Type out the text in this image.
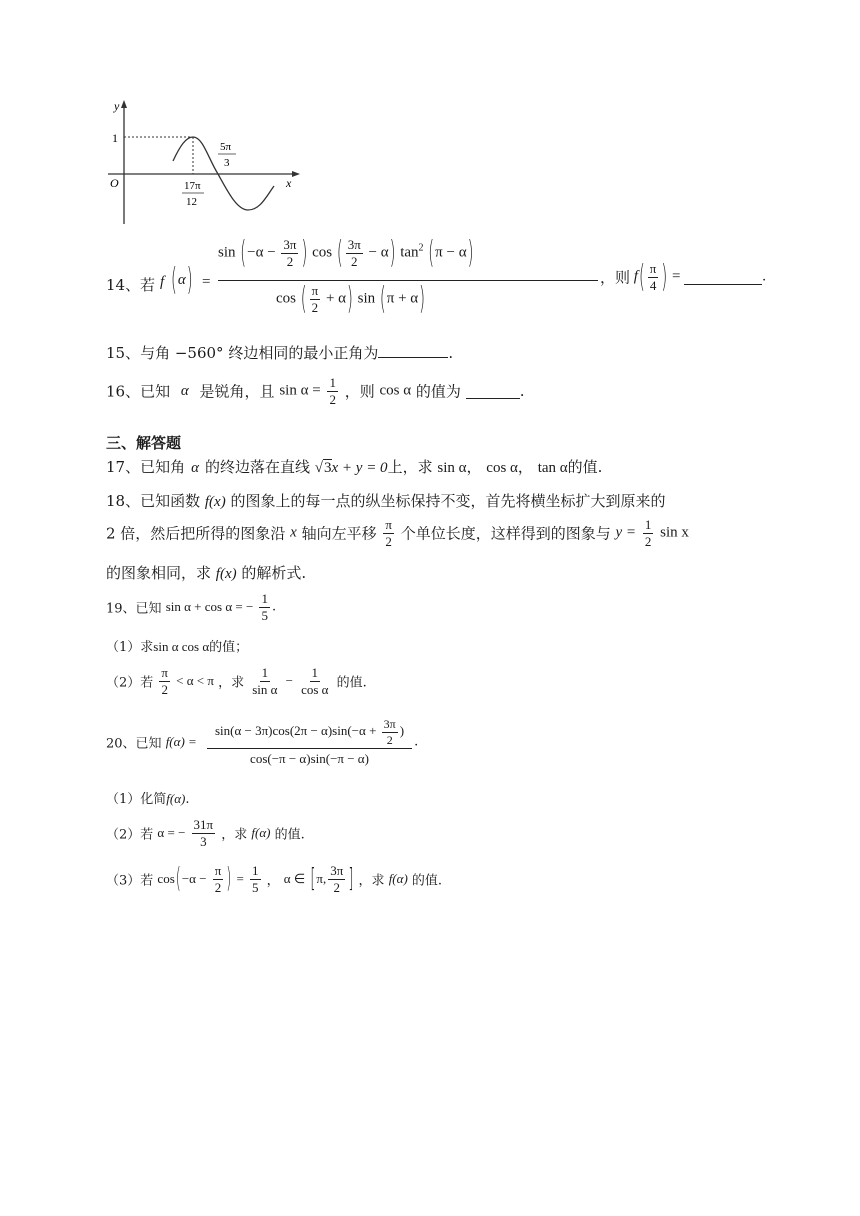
y
1
O	x
17π
12
5π
3
14、 若 f (α) =
$\sin (-\alpha - \frac{3\pi}{2}$ ) cos ( $\frac{3\pi}{2} - \alpha$) $\tan^2 (\pi - \alpha)$
cos ( $\frac{\pi}{2} + \alpha$) sin (π + α)
，则 $f( \frac{\pi}{4}$ ) =	.
15、与角 −560° 终边相同的最小正角为	.
16、已知 α 是锐角，且 $\sin \alpha = \frac{1}{2}$ ，则 cos α 的值为	.
三、解答题
17、已知角 α 的终边落在直线 √3x + y = 0上，求 sin α， cos α， tan α的值.
18、已知函数 f(x) 的图象上的每一点的纵坐标保持不变，首先将横坐标扩大到原来的
2 倍，然后把所得的图象沿 x 轴向左平移 $\frac{\pi}{2}$ 个单位长度，这样得到的图象与 $y = \frac{1}{2}$ sin x
的图象相同，求 f(x) 的解析式.
19、已知 sin α + cos α = − $\frac{1}{5}$ .
（1）求sin α cos α的值；
（2）若 $\frac{\pi}{2} < \alpha < \pi$ ，求 $\frac{1}{\text{sin α}} - \frac{1}{\text{cos α}}$ 的值.
20、已知 $f(\alpha) = \frac{\sin(\alpha - 3\pi)\cos(2\pi - \alpha)\sin(-\alpha + \frac{3\pi}{2} )}{\cos(-\pi - \alpha)\sin(-\pi - \alpha)}$ .
（1）化简f(α).
（2）若 α = − $\frac{31\pi}{3}$ ，求 f(α) 的值.
（3）若 $\cos(-\alpha - \frac{\pi}{2}$ ) = $\frac{1}{5}$ ， α ∈ [π, $\frac{3\pi}{2}$ ] ，求 f(α) 的值.
